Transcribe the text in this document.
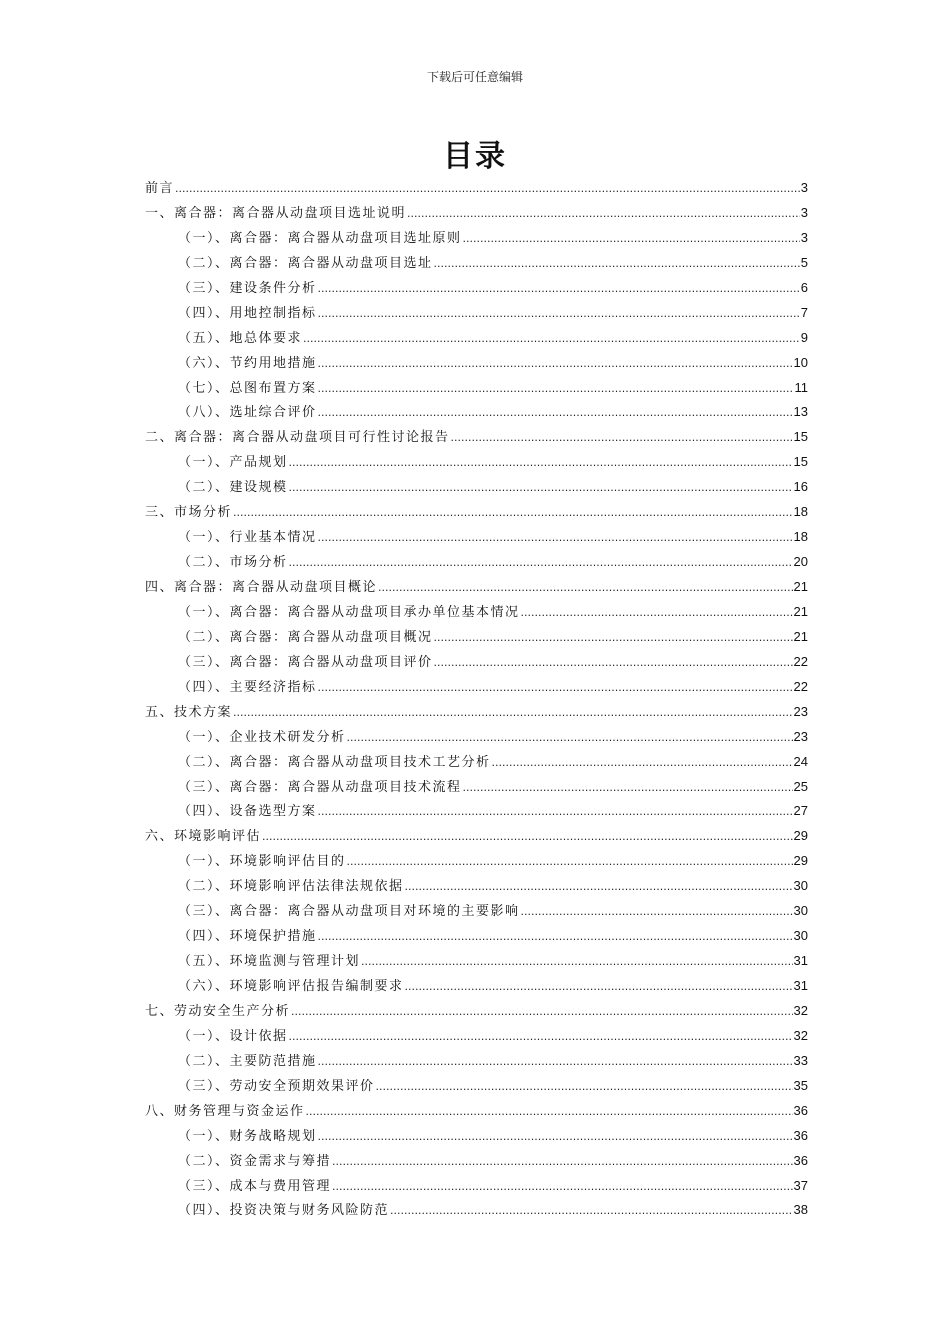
下载后可任意编辑
目录
前言 .....	3
一、离合器：离合器从动盘项目选址说明 .....	3
（一）、离合器：离合器从动盘项目选址原则 .....	3
（二）、离合器：离合器从动盘项目选址 .....	5
（三）、建设条件分析 .....	6
（四）、用地控制指标 .....	7
（五）、地总体要求 .....	9
（六）、节约用地措施 .....	10
（七）、总图布置方案 .....	11
（八）、选址综合评价 .....	13
二、离合器：离合器从动盘项目可行性讨论报告 .....	15
（一）、产品规划 .....	15
（二）、建设规模 .....	16
三、市场分析 .....	18
（一）、行业基本情况 .....	18
（二）、市场分析 .....	20
四、离合器：离合器从动盘项目概论 .....	21
（一）、离合器：离合器从动盘项目承办单位基本情况 .....	21
（二）、离合器：离合器从动盘项目概况 .....	21
（三）、离合器：离合器从动盘项目评价 .....	22
（四）、主要经济指标 .....	22
五、技术方案 .....	23
（一）、企业技术研发分析 .....	23
（二）、离合器：离合器从动盘项目技术工艺分析 .....	24
（三）、离合器：离合器从动盘项目技术流程 .....	25
（四）、设备选型方案 .....	27
六、环境影响评估 .....	29
（一）、环境影响评估目的 .....	29
（二）、环境影响评估法律法规依据 .....	30
（三）、离合器：离合器从动盘项目对环境的主要影响 .....	30
（四）、环境保护措施 .....	30
（五）、环境监测与管理计划 .....	31
（六）、环境影响评估报告编制要求 .....	31
七、劳动安全生产分析 .....	32
（一）、设计依据 .....	32
（二）、主要防范措施 .....	33
（三）、劳动安全预期效果评价 .....	35
八、财务管理与资金运作 .....	36
（一）、财务战略规划 .....	36
（二）、资金需求与筹措 .....	36
（三）、成本与费用管理 .....	37
（四）、投资决策与财务风险防范 .....	38
